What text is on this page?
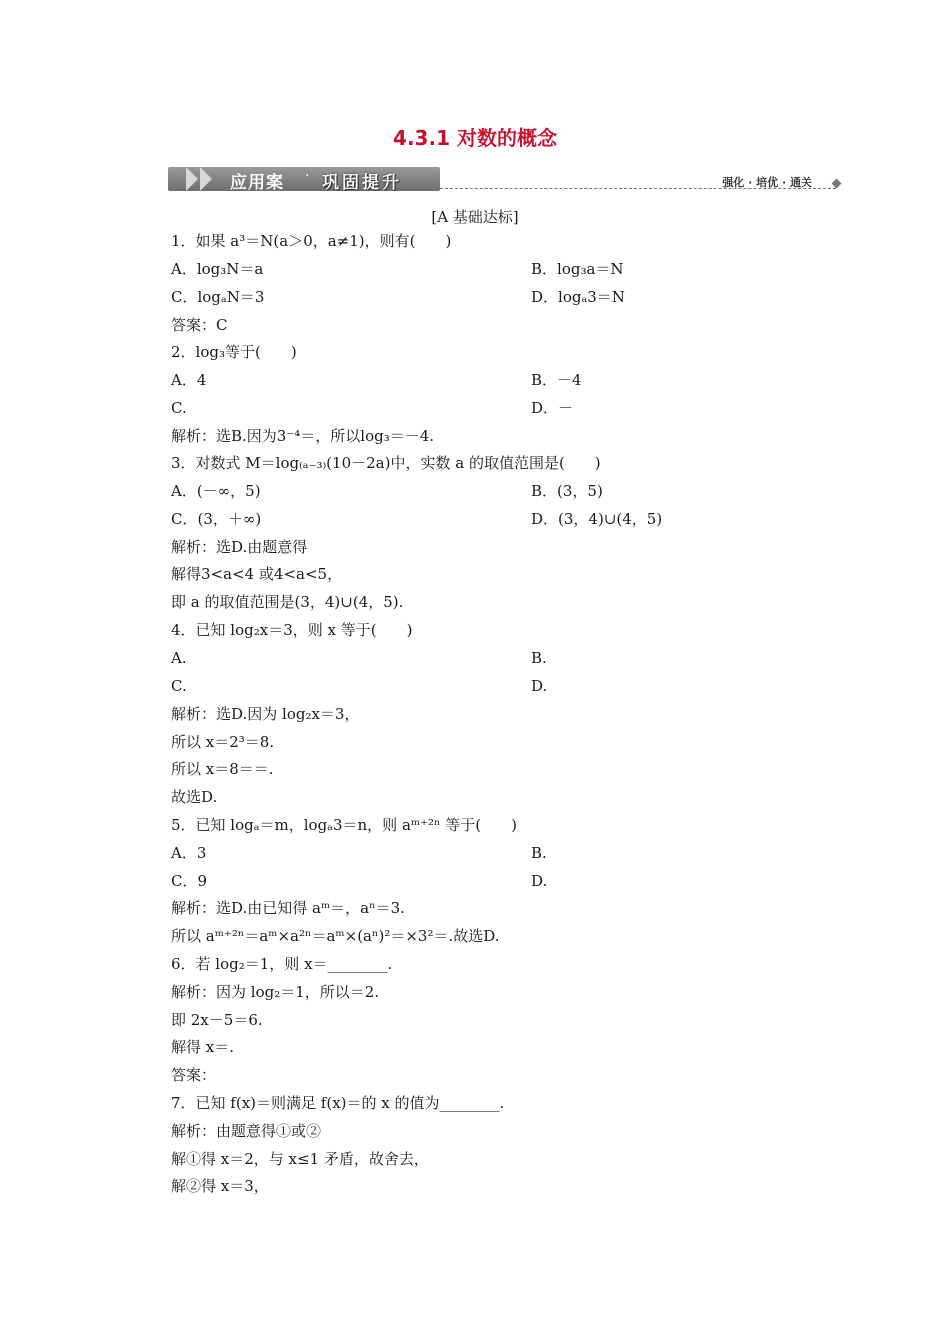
4.3.1 对数的概念
应用案 · 巩固提升	强化 · 培优 · 通关
[A 基础达标]
1．如果 a³＝N(a＞0，a≠1)，则有(　　)
A．log₃N＝a	B．log₃a＝N
C．logₐN＝3	D．logₐ3＝N
答案：C
2．log₃等于(　　)
A．4	B．－4
C.	D．－
解析：选B.因为3⁻⁴＝，所以log₃＝－4.
3．对数式 M＝log₍ₐ₋₃₎(10－2a)中，实数 a 的取值范围是(　　)
A．(－∞，5)	B．(3，5)
C．(3，＋∞)	D．(3，4)∪(4，5)
解析：选D.由题意得
解得3<a<4 或4<a<5，
即 a 的取值范围是(3，4)∪(4，5).
4．已知 log₂x＝3，则 x 等于(　　)
A.	B.
C.	D.
解析：选D.因为 log₂x＝3，
所以 x＝2³＝8.
所以 x＝8＝＝.
故选D.
5．已知 logₐ＝m，logₐ3＝n，则 aᵐ⁺²ⁿ 等于(　　)
A．3	B.
C．9	D.
解析：选D.由已知得 aᵐ＝，aⁿ＝3.
所以 aᵐ⁺²ⁿ＝aᵐ×a²ⁿ＝aᵐ×(aⁿ)²＝×3²＝.故选D.
6．若 log₂＝1，则 x＝________.
解析：因为 log₂＝1，所以＝2.
即 2x－5＝6.
解得 x＝.
答案：
7．已知 f(x)＝则满足 f(x)＝的 x 的值为________.
解析：由题意得①或②
解①得 x＝2，与 x≤1 矛盾，故舍去，
解②得 x＝3，
